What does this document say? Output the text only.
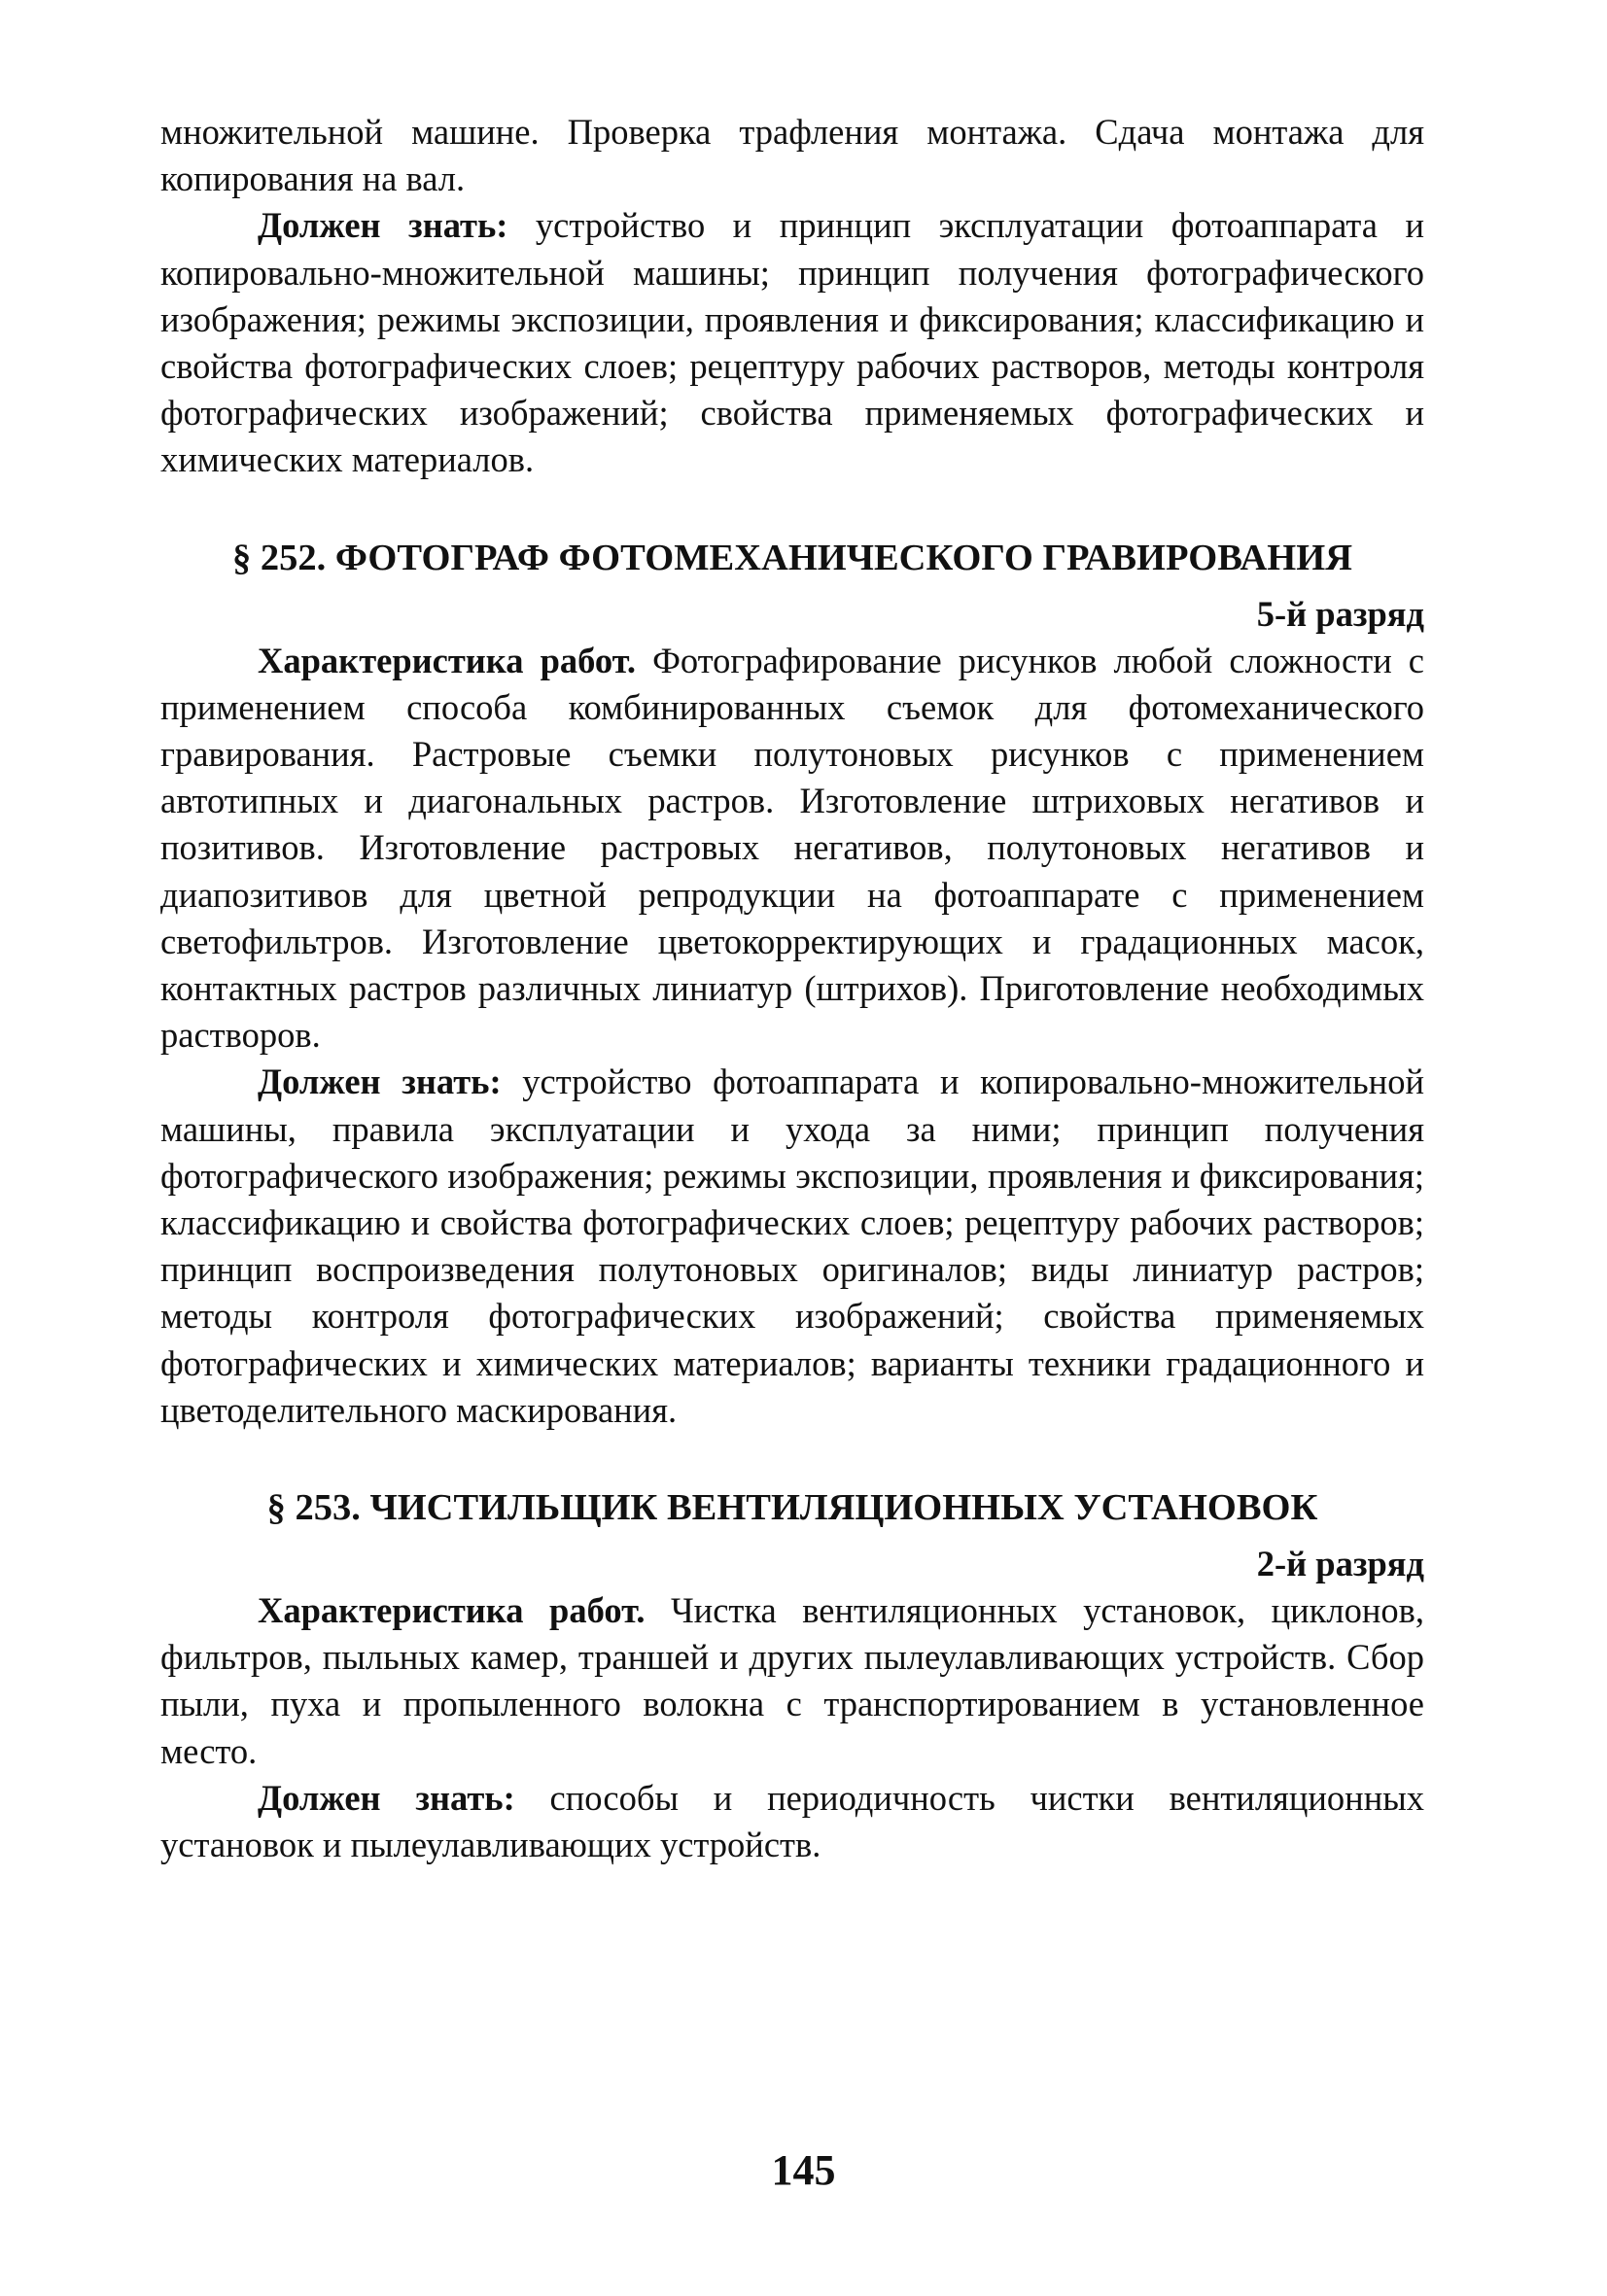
множительной машине. Проверка трафления монтажа. Сдача монтажа для копирования на вал.

Должен знать: устройство и принцип эксплуатации фотоаппарата и копировально-множительной машины; принцип получения фотографического изображения; режимы экспозиции, проявления и фиксирования; классификацию и свойства фотографических слоев; рецептуру рабочих растворов, методы контроля фотографических изображений; свойства применяемых фотографических и химических материалов.

§ 252. ФОТОГРАФ ФОТОМЕХАНИЧЕСКОГО ГРАВИРОВАНИЯ
5-й разряд

Характеристика работ. Фотографирование рисунков любой сложности с применением способа комбинированных съемок для фотомеханического гравирования. Растровые съемки полутоновых рисунков с применением автотипных и диагональных растров. Изготовление штриховых негативов и позитивов. Изготовление растровых негативов, полутоновых негативов и диапозитивов для цветной репродукции на фотоаппарате с применением светофильтров. Изготовление цветокорректирующих и градационных масок, контактных растров различных линиатур (штрихов). Приготовление необходимых растворов.

Должен знать: устройство фотоаппарата и копировально-множительной машины, правила эксплуатации и ухода за ними; принцип получения фотографического изображения; режимы экспозиции, проявления и фиксирования; классификацию и свойства фотографических слоев; рецептуру рабочих растворов; принцип воспроизведения полутоновых оригиналов; виды линиатур растров; методы контроля фотографических изображений; свойства применяемых фотографических и химических материалов; варианты техники градационного и цветоделительного маскирования.

§ 253. ЧИСТИЛЬЩИК ВЕНТИЛЯЦИОННЫХ УСТАНОВОК
2-й разряд

Характеристика работ. Чистка вентиляционных установок, циклонов, фильтров, пыльных камер, траншей и других пылеулавливающих устройств. Сбор пыли, пуха и пропыленного волокна с транспортированием в установленное место.

Должен знать: способы и периодичность чистки вентиляционных установок и пылеулавливающих устройств.

145
